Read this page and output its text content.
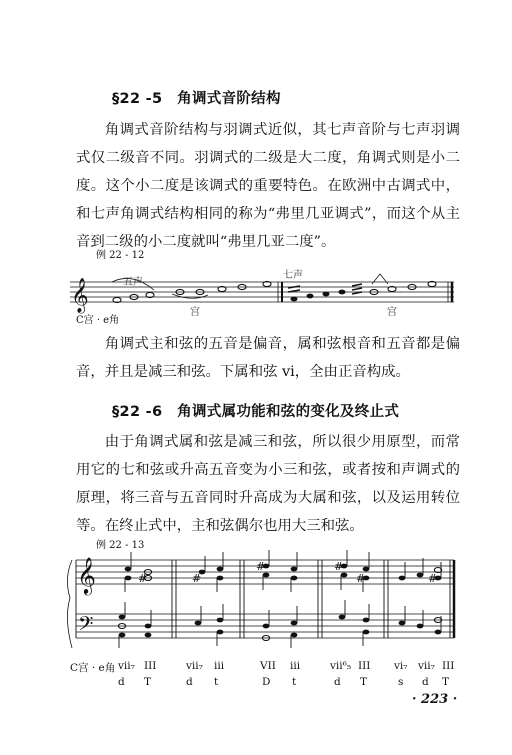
§22 -5　角调式音阶结构

角调式音阶结构与羽调式近似，其七声音阶与七声羽调式仅二级音不同。羽调式的二级是大二度，角调式则是小二度。这个小二度是该调式的重要特色。在欧洲中古调式中，和七声角调式结构相同的称为“弗里几亚调式”，而这个从主音到二级的小二度就叫“弗里几亚二度”。

例 22 - 12
𝄞	五声
七声
宫	宫
C宫 · e角

角调式主和弦的五音是偏音，属和弦根音和五音都是偏音，并且是减三和弦。下属和弦 vi，全由正音构成。

§22 -6　角调式属功能和弦的变化及终止式

由于角调式属和弦是减三和弦，所以很少用原型，而常用它的七和弦或升高五音变为小三和弦，或者按和声调式的原理，将三音与五音同时升高成为大属和弦，以及运用转位等。在终止式中，主和弦偶尔也用大三和弦。

例 22 - 13
𝄞
𝄢
#	#
#	#
#	#
C宫 · e角 vii₇ III	vii₇ iii	VII iii	vii⁶₅ III vi₇ vii₇ III
d T	d t	D t	d T	s d T
· 223 ·
